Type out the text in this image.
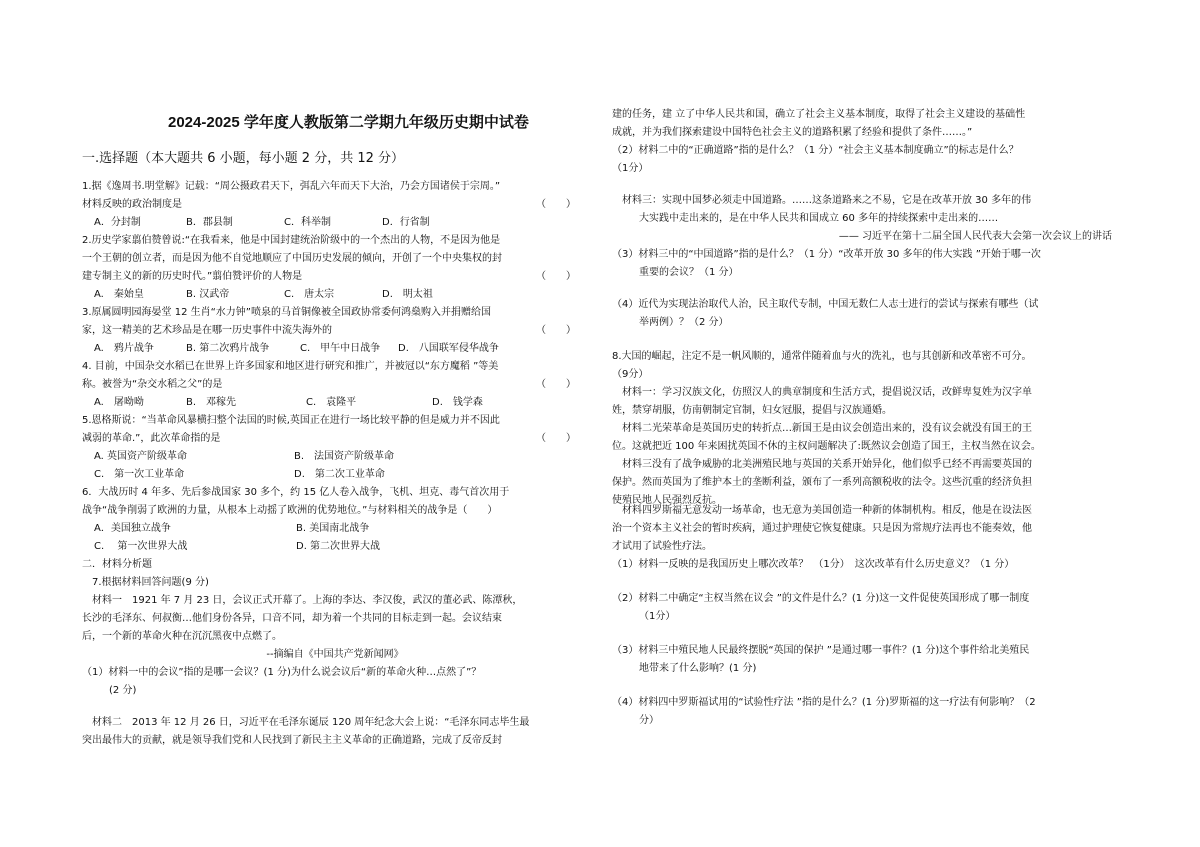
2024-2025 学年度人教版第二学期九年级历史期中试卷
一.选择题（本大题共 6 小题，每小题 2 分，共 12 分）
1.据《逸周书.明堂解》记载：“周公摄政君天下，弭乱六年而天下大治，乃会方国诸侯于宗周。”
材料反映的政治制度是	（　　）
A．分封制	B．郡县制	C．科举制	D．行省制
2.历史学家翦伯赞曾说:“在我看来，他是中国封建统治阶级中的一个杰出的人物，不是因为他是
一个王朝的创立者，而是因为他不自觉地顺应了中国历史发展的倾向，开创了一个中央集权的封
建专制主义的新的历史时代。”翦伯赞评价的人物是	（　　）
A.　秦始皇	B. 汉武帝	C.　唐太宗	D.　明太祖
3.原属圆明园海晏堂 12 生肖“水力钟”喷泉的马首铜像被全国政协常委何鸿燊购入并捐赠给国
家，这一精美的艺术珍品是在哪一历史事件中流失海外的	（　　）
A.　鸦片战争	B. 第二次鸦片战争	C.　甲午中日战争 D.　八国联军侵华战争
4. 目前，中国杂交水稻已在世界上许多国家和地区进行研究和推广，并被冠以“东方魔稻 ”等美
称。被誉为“杂交水稻之父”的是	（　　）
A.　屠呦呦	B.　邓稼先	C.　袁隆平	D.　钱学森
5.恩格斯说：“当革命风暴横扫整个法国的时候,英国正在进行一场比较平静的但是威力并不因此
减弱的革命.”，此次革命指的是	（　　）
A. 英国资产阶级革命	B.　法国资产阶级革命
C.　第一次工业革命	D.　第二次工业革命
6．大战历时 4 年多、先后参战国家 30 多个，约 15 亿人卷入战争，飞机、坦克、毒气首次用于
战争“战争削弱了欧洲的力量，从根本上动摇了欧洲的优势地位。”与材料相关的战争是（　　）
A．美国独立战争	B. 美国南北战争
C.　 第一次世界大战	D. 第二次世界大战
二．材料分析题
7.根据材料回答问题(9 分)
　材料一　1921 年 7 月 23 日，会议正式开幕了。上海的李达、李汉俊，武汉的董必武、陈潭秋，
长沙的毛泽东、何叔衡…他们身份各异，口音不同，却为着一个共同的目标走到一起。会议结束
后，一个新的革命火种在沉沉黑夜中点燃了。
--摘编自《中国共产党新闻网》
（1）材料一中的会议”指的是哪一会议？(1 分)为什么说会议后“新的革命火种…点然了”？
(2 分)
　材料二　2013 年 12 月 26 日，习近平在毛泽东诞辰 120 周年纪念大会上说：“毛泽东同志毕生最
突出最伟大的贡献，就是领导我们党和人民找到了新民主主义革命的正确道路，完成了反帝反封
建的任务，建 立了中华人民共和国，确立了社会主义基本制度，取得了社会主义建设的基础性
成就，并为我们探索建设中国特色社会主义的道路积累了经验和提供了条件……。”
（2）材料二中的“正确道路”指的是什么？（1 分）“社会主义基本制度确立”的标志是什么？
（1分）
　材料三：实现中国梦必须走中国道路。……这条道路来之不易，它是在改革开放 30 多年的伟
大实践中走出来的，是在中华人民共和国成立 60 多年的持续探索中走出来的……
—— 习近平在第十二届全国人民代表大会第一次会议上的讲话
（3）材料三中的“中国道路”指的是什么？（1 分）“改革开放 30 多年的伟大实践 ”开始于哪一次
重要的会议？（1 分）
（4）近代为实现法治取代人治，民主取代专制，中国无数仁人志士进行的尝试与探索有哪些（试
举两例）？（2 分）
8.大国的崛起，注定不是一帆风顺的，通常伴随着血与火的洗礼，也与其创新和改革密不可分。
（9分）
　材料一：学习汉族文化，仿照汉人的典章制度和生活方式，提倡说汉话，改鲜卑复姓为汉字单
姓，禁穿胡服，仿南朝制定官制，妇女冠服，提倡与汉族通婚。
　材料二光荣革命是英国历史的转折点…新国王是由议会创造出来的，没有议会就没有国王的王
位。这就把近 100 年来困扰英国不休的主权问题解决了:既然议会创造了国王，主权当然在议会。
　材料三没有了战争威胁的北美洲殖民地与英国的关系开始异化，他们似乎已经不再需要英国的
保护。然而英国为了维护本土的垄断利益，颁布了一系列高额税收的法令。这些沉重的经济负担
使殖民地人民强烈反抗。
　材料四罗斯福无意发动一场革命，也无意为美国创造一种新的体制机构。相反，他是在设法医
治一个资本主义社会的暂时疾病，通过护理使它恢复健康。只是因为常规疗法再也不能奏效，他
才试用了试验性疗法。
（1）材料一反映的是我国历史上哪次改革？　（1分）　这次改革有什么历史意义？（1 分）
（2）材料二中确定“主权当然在议会 ”的文件是什么？(1 分)这一文件促使英国形成了哪一制度
（1分）
（3）材料三中殖民地人民最终摆脱“英国的保护 ”是通过哪一事件？(1 分)这个事件给北美殖民
地带来了什么影响？(1 分)
（4）材料四中罗斯福试用的“试验性疗法 ”指的是什么？(1 分)罗斯福的这一疗法有何影响？（2
分）
